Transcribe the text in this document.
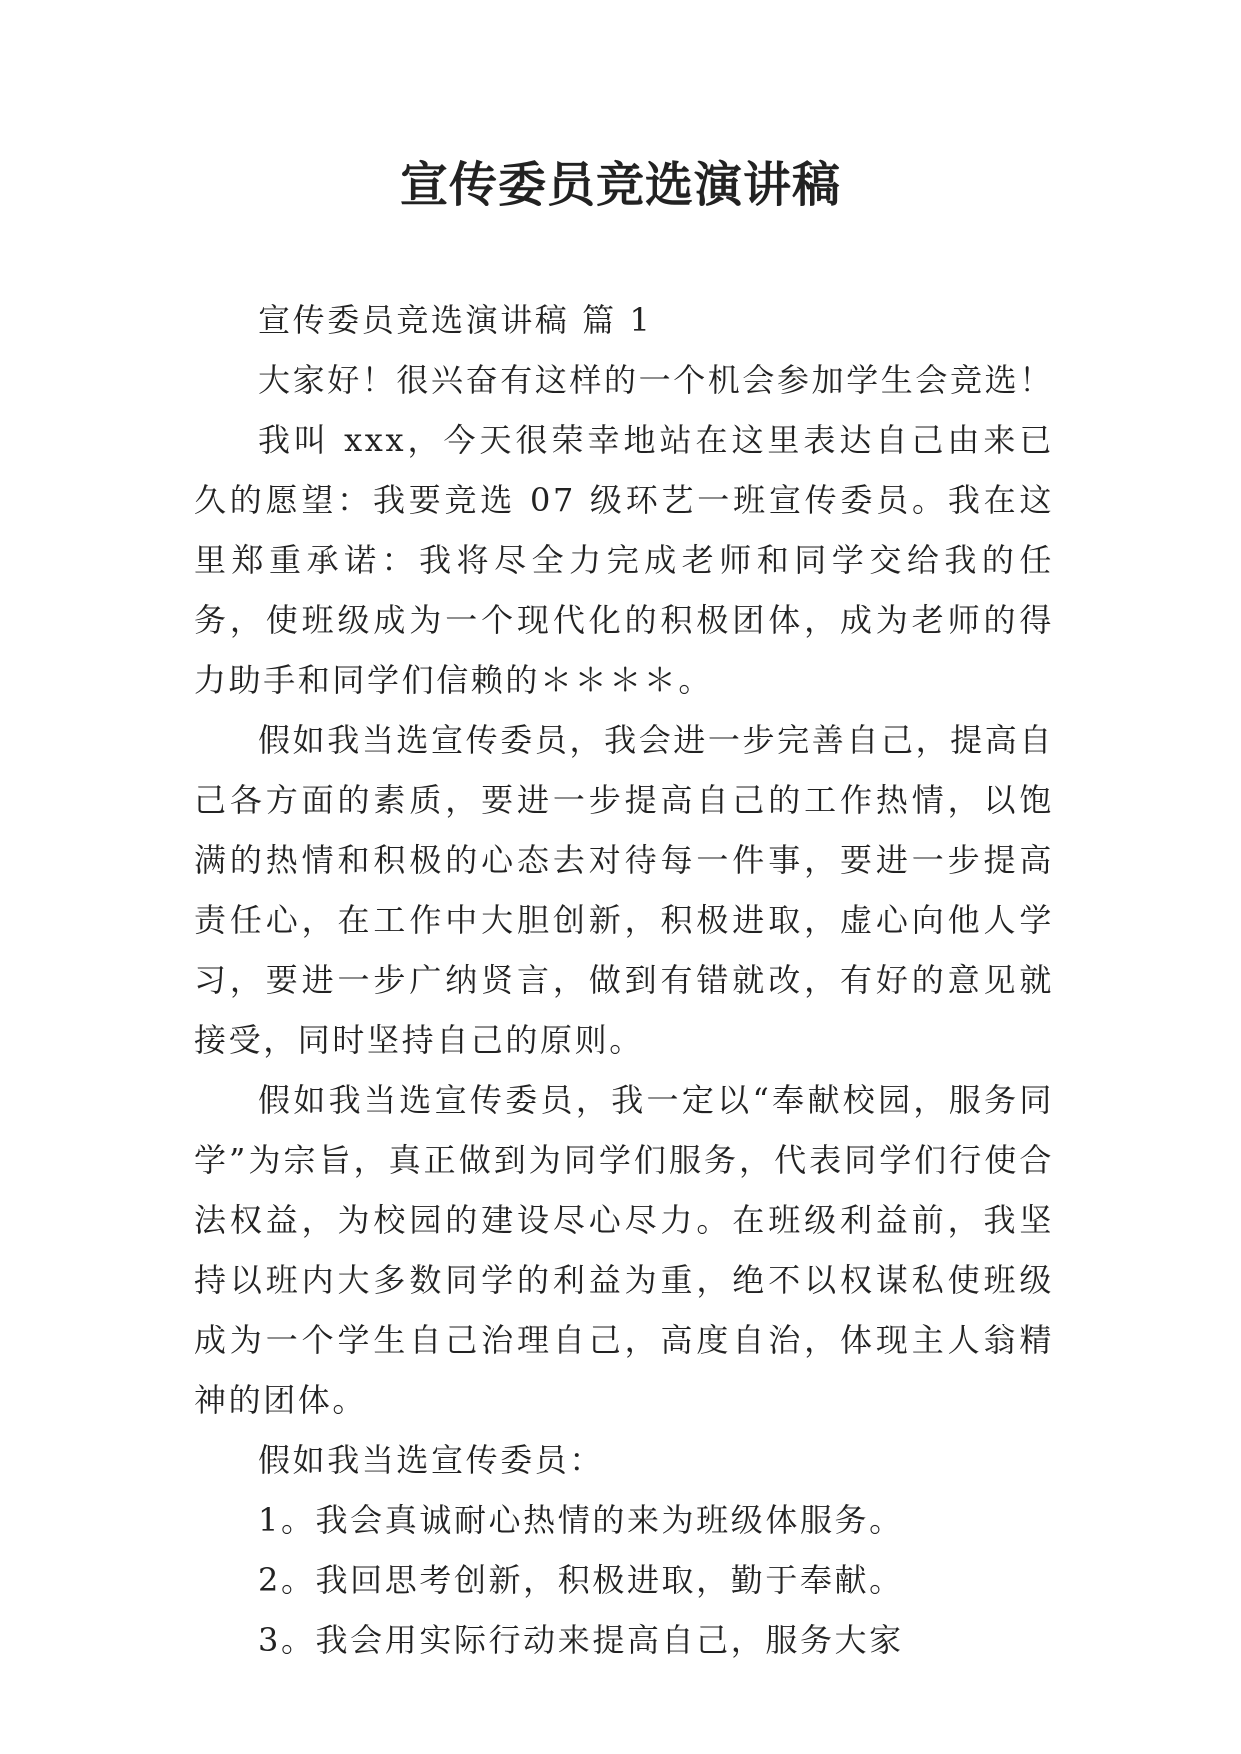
宣传委员竞选演讲稿

宣传委员竞选演讲稿 篇 1

大家好！很兴奋有这样的一个机会参加学生会竞选！

我叫 xxx，今天很荣幸地站在这里表达自己由来已久的愿望：我要竞选 07 级环艺一班宣传委员。我在这里郑重承诺：我将尽全力完成老师和同学交给我的任务，使班级成为一个现代化的积极团体，成为老师的得力助手和同学们信赖的＊＊＊＊。

假如我当选宣传委员，我会进一步完善自己，提高自己各方面的素质，要进一步提高自己的工作热情，以饱满的热情和积极的心态去对待每一件事，要进一步提高责任心，在工作中大胆创新，积极进取，虚心向他人学习，要进一步广纳贤言，做到有错就改，有好的意见就接受，同时坚持自己的原则。

假如我当选宣传委员，我一定以“奉献校园，服务同学”为宗旨，真正做到为同学们服务，代表同学们行使合法权益，为校园的建设尽心尽力。在班级利益前，我坚持以班内大多数同学的利益为重，绝不以权谋私使班级成为一个学生自己治理自己，高度自治，体现主人翁精神的团体。

假如我当选宣传委员：

1。我会真诚耐心热情的来为班级体服务。

2。我回思考创新，积极进取，勤于奉献。

3。我会用实际行动来提高自己，服务大家
